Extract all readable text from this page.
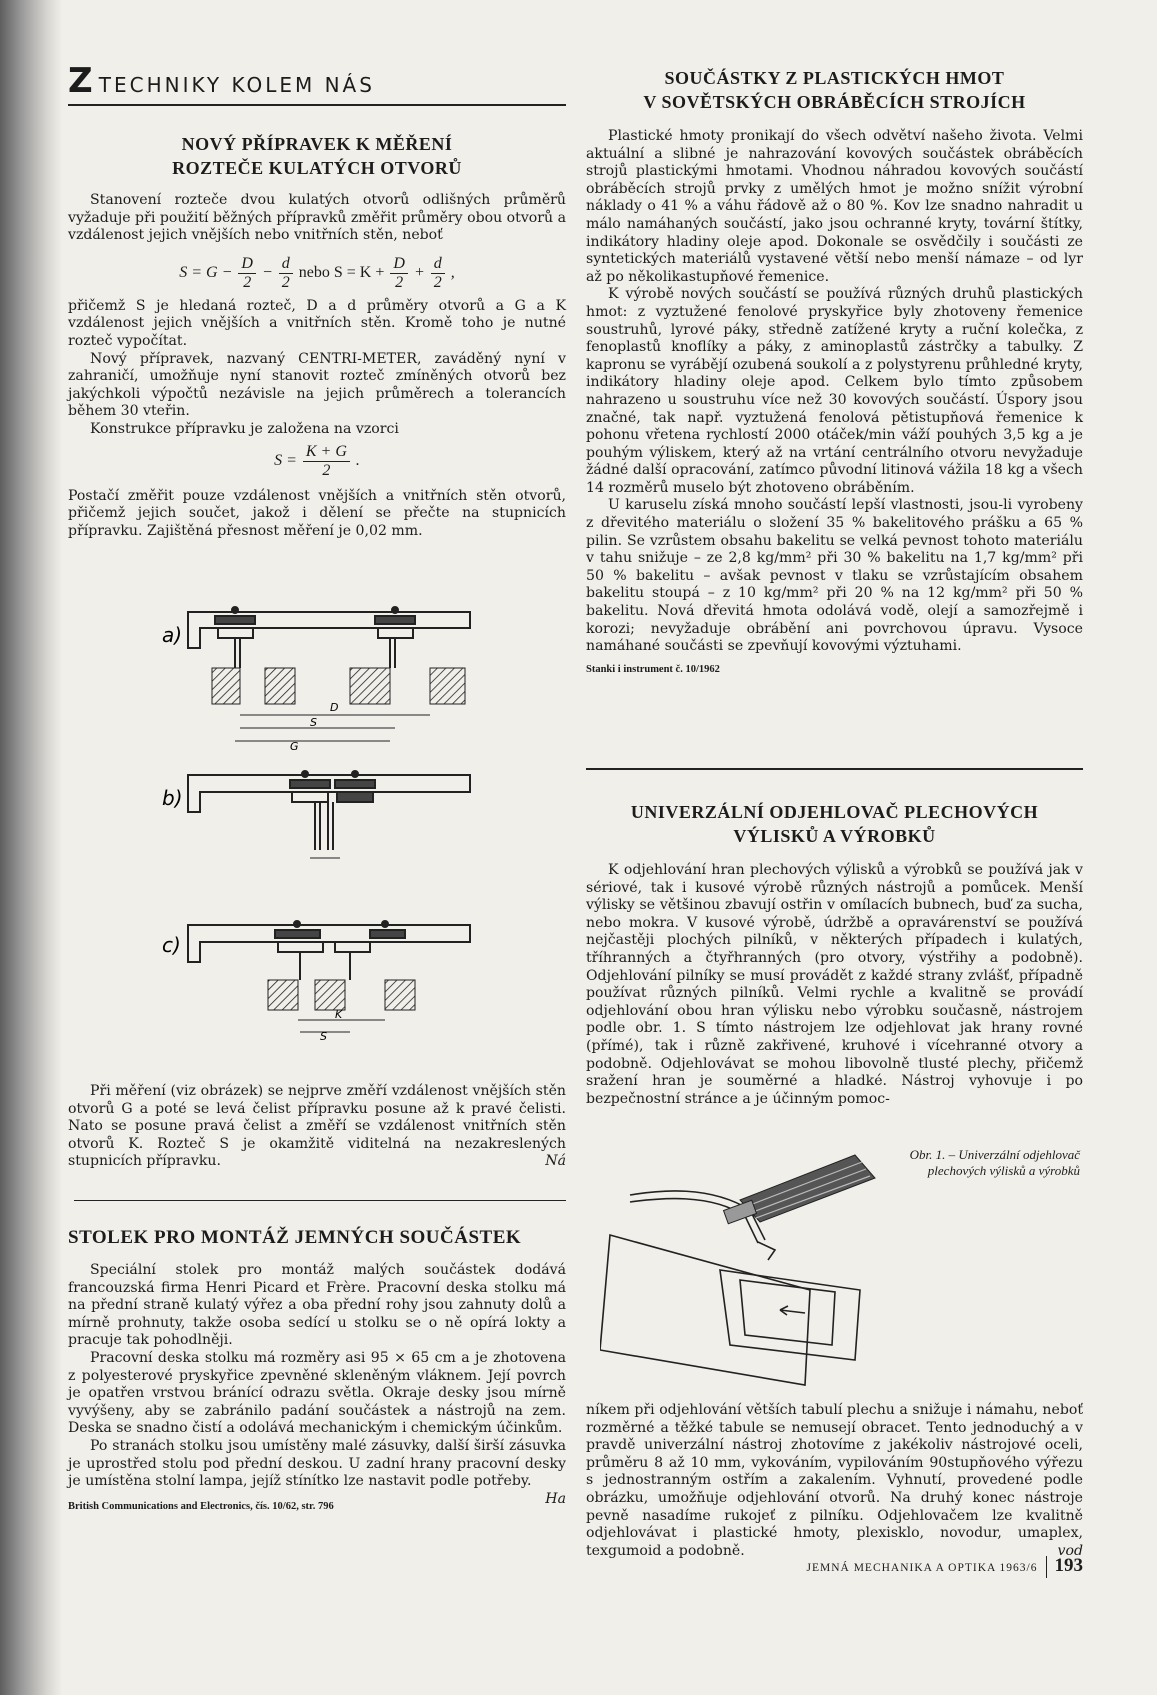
Z TECHNIKY KOLEM NÁS
NOVÝ PŘÍPRAVEK K MĚŘENÍ
ROZTEČE KULATÝCH OTVORŮ

Stanovení rozteče dvou kulatých otvorů odlišných průměrů vyžaduje při použití běžných přípravků změřit průměry obou otvorů a vzdálenost jejich vnějších nebo vnitřních stěn, neboť

$S = G - \frac{D}{2} - \frac{d}{2}$ nebo $S = K + \frac{D}{2} + \frac{d}{2}$ ,

přičemž S je hledaná rozteč, D a d průměry otvorů a G a K vzdálenost jejich vnějších a vnitřních stěn. Kromě toho je nutné rozteč vypočítat.

Nový přípravek, nazvaný CENTRI-METER, zaváděný nyní v zahraničí, umožňuje nyní stanovit rozteč zmíněných otvorů bez jakýchkoli výpočtů nezávisle na jejich průměrech a tolerancích během 30 vteřin.

Konstrukce přípravku je založena na vzorci

$S = \frac{K + G}{2}$ .

Postačí změřit pouze vzdálenost vnějších a vnitřních stěn otvorů, přičemž jejich součet, jakož i dělení se přečte na stupnicích přípravku. Zajištěná přesnost měření je 0,02 mm.

a)
D
S
G
b)
c)
K
S

Při měření (viz obrázek) se nejprve změří vzdálenost vnějších stěn otvorů G a poté se levá čelist přípravku posune až k pravé čelisti. Nato se posune pravá čelist a změří se vzdálenost vnitřních stěn otvorů K. Rozteč S je okamžitě viditelná na nezakreslených stupnicích přípravku.	Ná

STOLEK PRO MONTÁŽ JEMNÝCH SOUČÁSTEK

Speciální stolek pro montáž malých součástek dodává francouzská firma Henri Picard et Frère. Pracovní deska stolku má na přední straně kulatý výřez a oba přední rohy jsou zahnuty dolů a mírně prohnuty, takže osoba sedící u stolku se o ně opírá lokty a pracuje tak pohodlněji.

Pracovní deska stolku má rozměry asi 95 × 65 cm a je zhotovena z polyesterové pryskyřice zpevněné skleněným vláknem. Její povrch je opatřen vrstvou bránící odrazu světla. Okraje desky jsou mírně vyvýšeny, aby se zabránilo padání součástek a nástrojů na zem. Deska se snadno čistí a odolává mechanickým i chemickým účinkům.

Po stranách stolku jsou umístěny malé zásuvky, další širší zásuvka je uprostřed stolu pod přední deskou. U zadní hrany pracovní desky je umístěna stolní lampa, jejíž stínítko lze nastavit podle potřeby.
Ha

British Communications and Electronics, čís. 10/62, str. 796
SOUČÁSTKY Z PLASTICKÝCH HMOT
V SOVĚTSKÝCH OBRÁBĚCÍCH STROJÍCH

Plastické hmoty pronikají do všech odvětví našeho života. Velmi aktuální a slibné je nahrazování kovových součástek obráběcích strojů plastickými hmotami. Vhodnou náhradou kovových součástí obráběcích strojů prvky z umělých hmot je možno snížit výrobní náklady o 41 % a váhu řádově až o 80 %. Kov lze snadno nahradit u málo namáhaných součástí, jako jsou ochranné kryty, tovární štítky, indikátory hladiny oleje apod. Dokonale se osvědčily i součásti ze syntetických materiálů vystavené větší nebo menší námaze – od lyr až po několikastupňové řemenice.

K výrobě nových součástí se používá různých druhů plastických hmot: z vyztužené fenolové pryskyřice byly zhotoveny řemenice soustruhů, lyrové páky, středně zatížené kryty a ruční kolečka, z fenoplastů knoflíky a páky, z aminoplastů zástrčky a tabulky. Z kapronu se vyrábějí ozubená soukolí a z polystyrenu průhledné kryty, indikátory hladiny oleje apod. Celkem bylo tímto způsobem nahrazeno u soustruhu více než 30 kovových součástí. Úspory jsou značné, tak např. vyztužená fenolová pětistupňová řemenice k pohonu vřetena rychlostí 2000 otáček/min váží pouhých 3,5 kg a je pouhým výliskem, který až na vrtání centrálního otvoru nevyžaduje žádné další opracování, zatímco původní litinová vážila 18 kg a všech 14 rozměrů muselo být zhotoveno obráběním.

U karuselu získá mnoho součástí lepší vlastnosti, jsou-li vyrobeny z dřevitého materiálu o složení 35 % bakelitového prášku a 65 % pilin. Se vzrůstem obsahu bakelitu se velká pevnost tohoto materiálu v tahu snižuje – ze 2,8 kg/mm² při 30 % bakelitu na 1,7 kg/mm² při 50 % bakelitu – avšak pevnost v tlaku se vzrůstajícím obsahem bakelitu stoupá – z 10 kg/mm² při 20 % na 12 kg/mm² při 50 % bakelitu. Nová dřevitá hmota odolává vodě, olejí a samozřejmě i korozi; nevyžaduje obrábění ani povrchovou úpravu. Vysoce namáhané součásti se zpevňují kovovými výztuhami.

Stanki i instrument č. 10/1962
UNIVERZÁLNÍ ODJEHLOVAČ PLECHOVÝCH
VÝLISKŮ A VÝROBKŮ

K odjehlování hran plechových výlisků a výrobků se používá jak v sériové, tak i kusové výrobě různých nástrojů a pomůcek. Menší výlisky se většinou zbavují ostřin v omílacích bubnech, buď za sucha, nebo mokra. V kusové výrobě, údržbě a opravárenství se používá nejčastěji plochých pilníků, v některých případech i kulatých, tříhranných a čtyřhranných (pro otvory, výstřihy a podobně). Odjehlování pilníky se musí provádět z každé strany zvlášť, případně používat různých pilníků. Velmi rychle a kvalitně se provádí odjehlování obou hran výlisku nebo výrobku současně, nástrojem podle obr. 1. S tímto nástrojem lze odjehlovat jak hrany rovné (přímé), tak i různě zakřivené, kruhové i vícehranné otvory a podobně. Odjehlovávat se mohou libovolně tlusté plechy, přičemž sražení hran je souměrné a hladké. Nástroj vyhovuje i po bezpečnostní stránce a je účinným pomoc-

Obr. 1. – Univerzální odjehlovač plechových výlisků a výrobků

níkem při odjehlování větších tabulí plechu a snižuje i námahu, neboť rozměrné a těžké tabule se nemusejí obracet. Tento jednoduchý a v pravdě univerzální nástroj zhotovíme z jakékoliv nástrojové oceli, průměru 8 až 10 mm, vykováním, vypilováním 90stupňového výřezu s jednostranným ostřím a zakalením. Vyhnutí, provedené podle obrázku, umožňuje odjehlování otvorů. Na druhý konec nástroje pevně nasadíme rukojeť z pilníku. Odjehlovačem lze kvalitně odjehlovávat i plastické hmoty, plexisklo, novodur, umaplex, texgumoid a podobně.	vod

JEMNÁ MECHANIKA A OPTIKA 1963/6 193
